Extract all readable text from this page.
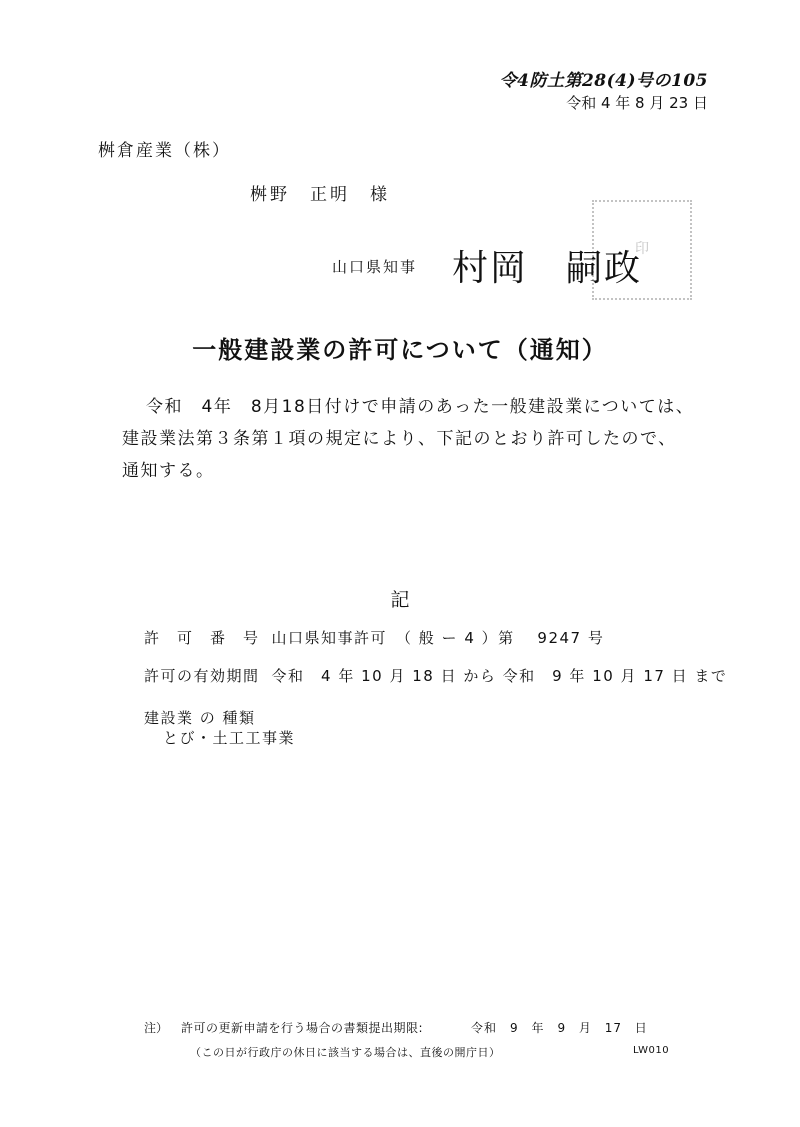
令4防土第28(4)号の105
令和 4 年 8 月 23 日
桝倉産業（株）
桝野　正明　様
印
山口県知事 村岡　嗣政
一般建設業の許可について（通知）
令和　4年　8月18日付けで申請のあった一般建設業については、
建設業法第３条第１項の規定により、下記のとおり許可したので、
通知する。
記
許　可　番　号 山口県知事許可　（ 般 ー 4 ）第　 9247 号
許可の有効期間 令和　4 年 10 月 18 日 から 令和　9 年 10 月 17 日 まで
建設業 の 種類
とび・土工工事業
注） 許可の更新申請を行う場合の書類提出期限:	令和　9 年　9 月 17 日
（この日が行政庁の休日に該当する場合は、直後の開庁日）	LW010
